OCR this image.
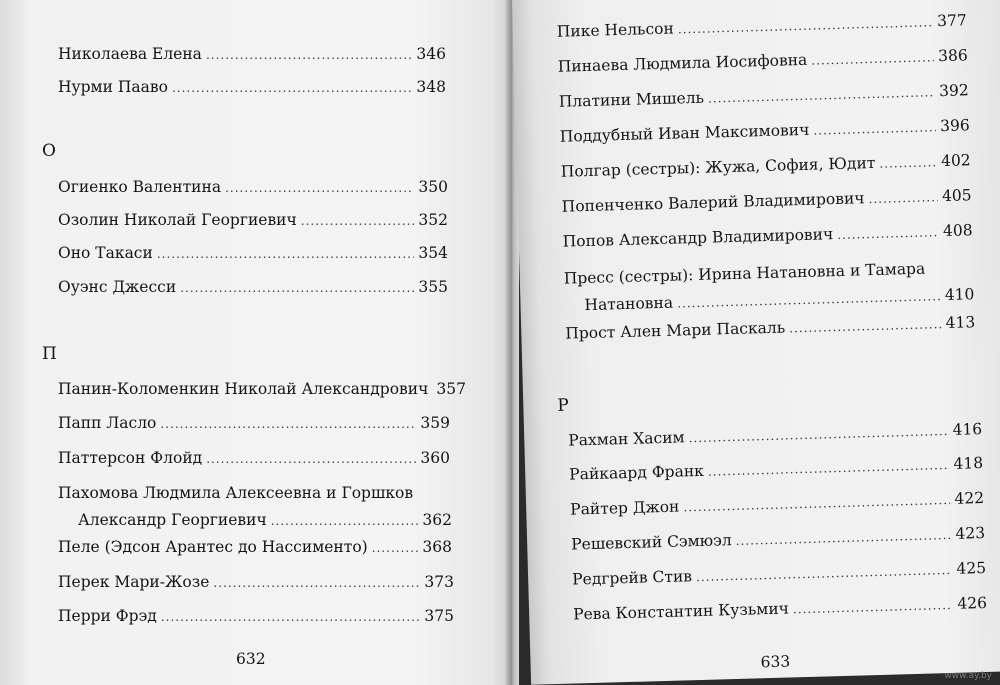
Николаева Елена .....	346
Нурми Пааво .....	348
О
Огиенко Валентина .....	350
Озолин Николай Георгиевич .....	352
Оно Такаси .....	354
Оуэнс Джесси .....	355
П
Панин-Коломенкин Николай Александрович 357
Папп Ласло .....	359
Паттерсон Флойд .....	360
Пахомова Людмила Алексеевна и Горшков
Александр Георгиевич .....	362
Пеле (Эдсон Арантес до Нассименто) .....	368
Перек Мари-Жозе .....	373
Перри Фрэд .....	375
632
Пике Нельсон .....	377
Пинаева Людмила Иосифовна .....	386
Платини Мишель .....	392
Поддубный Иван Максимович .....	396
Полгар (сестры): Жужа, София, Юдит .....	402
Попенченко Валерий Владимирович .....	405
Попов Александр Владимирович .....	408
Пресс (сестры): Ирина Натановна и Тамара
Натановна .....	410
Прост Ален Мари Паскаль .....	413
Р
Рахман Хасим .....	416
Райкаард Франк .....	418
Райтер Джон .....	422
Решевский Сэмюэл .....	423
Редгрейв Стив .....	425
Рева Константин Кузьмич .....	426
633
www.ay.by
